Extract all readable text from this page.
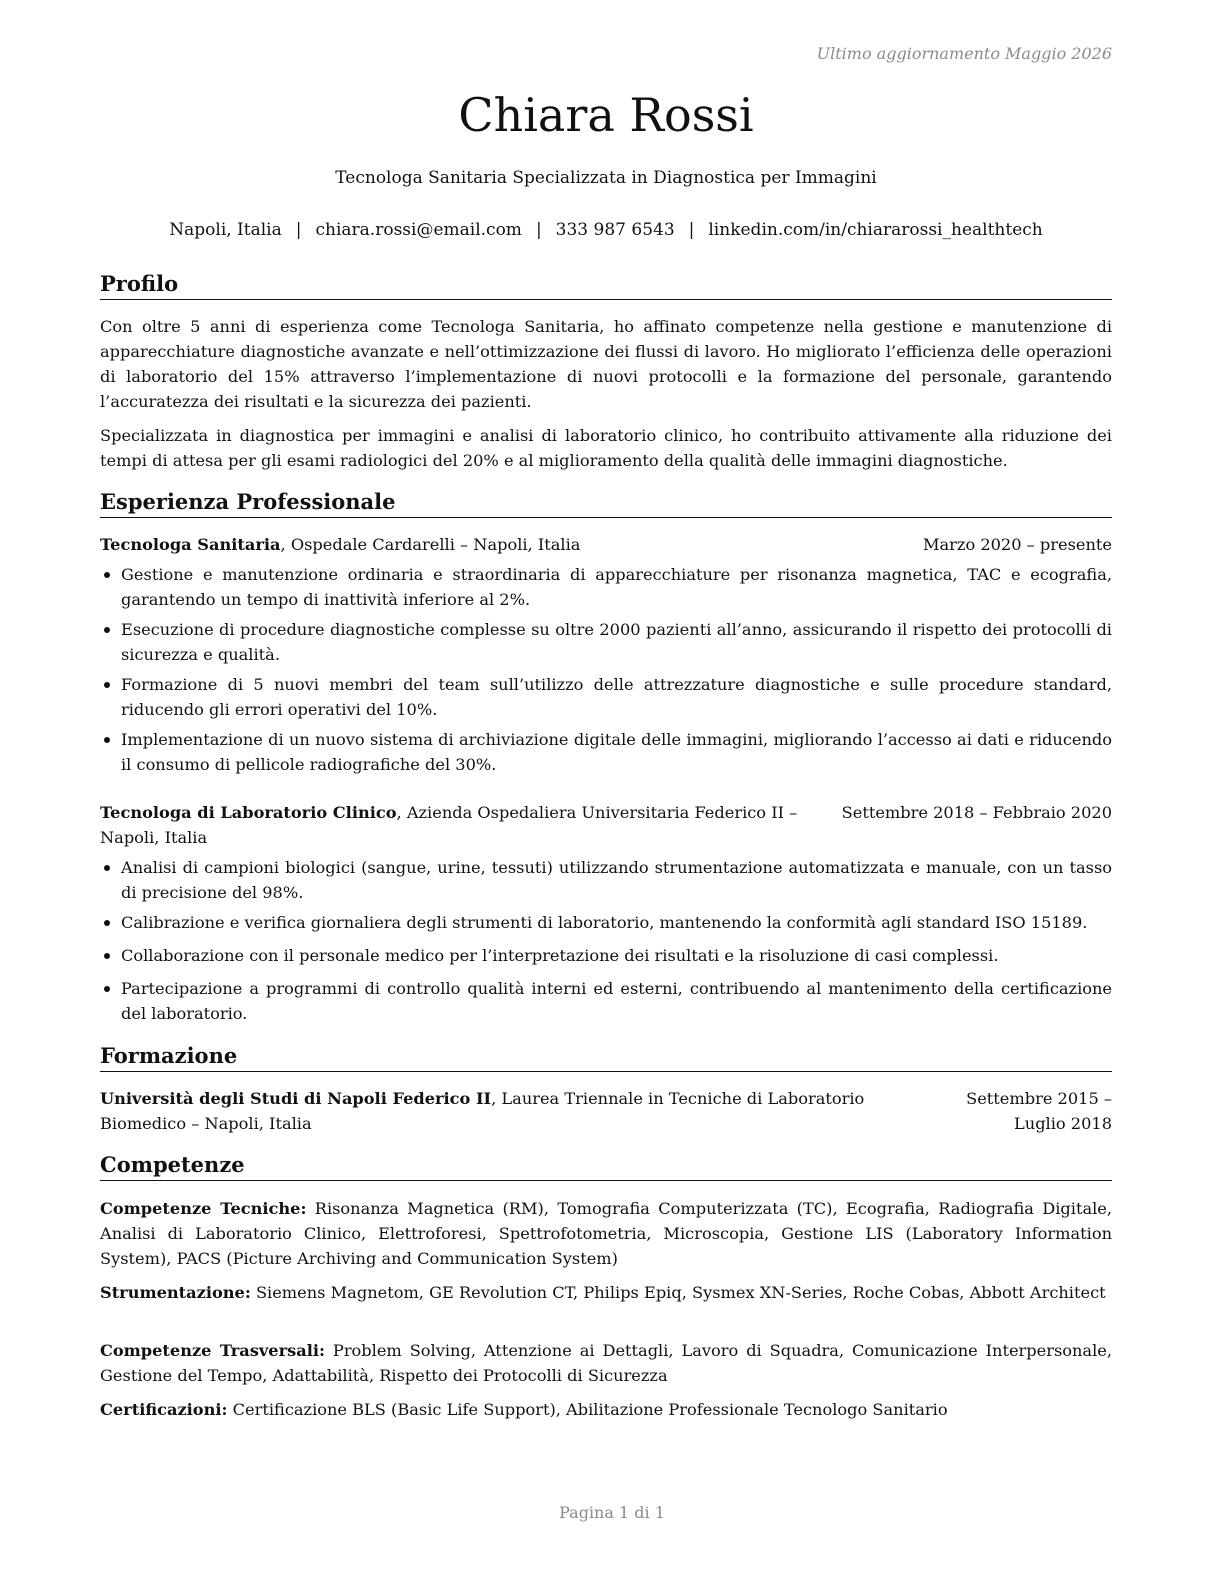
Ultimo aggiornamento Maggio 2026
Chiara Rossi
Tecnologa Sanitaria Specializzata in Diagnostica per Immagini
Napoli, Italia | chiara.rossi@email.com | 333 987 6543 | linkedin.com/in/chiararossi_healthtech
Profilo

Con oltre 5 anni di esperienza come Tecnologa Sanitaria, ho affinato competenze nella gestione e manutenzione di apparecchiature diagnostiche avanzate e nell’ottimizzazione dei flussi di lavoro. Ho migliorato l’efficienza delle operazioni di laboratorio del 15% attraverso l’implementazione di nuovi protocolli e la formazione del personale, garantendo l’accuratezza dei risultati e la sicurezza dei pazienti.

Specializzata in diagnostica per immagini e analisi di laboratorio clinico, ho contribuito attivamente alla riduzione dei tempi di attesa per gli esami radiologici del 20% e al miglioramento della qualità delle immagini diagnostiche.

Esperienza Professionale
Tecnologa Sanitaria, Ospedale Cardarelli – Napoli, Italia	Marzo 2020 – presente
Gestione e manutenzione ordinaria e straordinaria di apparecchiature per risonanza magnetica, TAC e ecografia, garantendo un tempo di inattività inferiore al 2%.
Esecuzione di procedure diagnostiche complesse su oltre 2000 pazienti all’anno, assicurando il rispetto dei protocolli di sicurezza e qualità.
Formazione di 5 nuovi membri del team sull’utilizzo delle attrezzature diagnostiche e sulle procedure standard, riducendo gli errori operativi del 10%.
Implementazione di un nuovo sistema di archiviazione digitale delle immagini, migliorando l’accesso ai dati e riducendo il consumo di pellicole radiografiche del 30%.
Tecnologa di Laboratorio Clinico, Azienda Ospedaliera Universitaria Federico II – Napoli, Italia
Settembre 2018 – Febbraio 2020
Analisi di campioni biologici (sangue, urine, tessuti) utilizzando strumentazione automatizzata e manuale, con un tasso di precisione del 98%.
Calibrazione e verifica giornaliera degli strumenti di laboratorio, mantenendo la conformità agli standard ISO 15189.
Collaborazione con il personale medico per l’interpretazione dei risultati e la risoluzione di casi complessi.
Partecipazione a programmi di controllo qualità interni ed esterni, contribuendo al mantenimento della certificazione del laboratorio.
Formazione
Università degli Studi di Napoli Federico II, Laurea Triennale in Tecniche di Laboratorio Biomedico – Napoli, Italia
Settembre 2015 – Luglio 2018
Competenze
Competenze Tecniche: Risonanza Magnetica (RM), Tomografia Computerizzata (TC), Ecografia, Radiografia Digitale, Analisi di Laboratorio Clinico, Elettroforesi, Spettrofotometria, Microscopia, Gestione LIS (Laboratory Information System), PACS (Picture Archiving and Communication System)
Strumentazione: Siemens Magnetom, GE Revolution CT, Philips Epiq, Sysmex XN-Series, Roche Cobas, Abbott Architect
Competenze Trasversali: Problem Solving, Attenzione ai Dettagli, Lavoro di Squadra, Comunicazione Interpersonale, Gestione del Tempo, Adattabilità, Rispetto dei Protocolli di Sicurezza
Certificazioni: Certificazione BLS (Basic Life Support), Abilitazione Professionale Tecnologo Sanitario
Pagina 1 di 1
